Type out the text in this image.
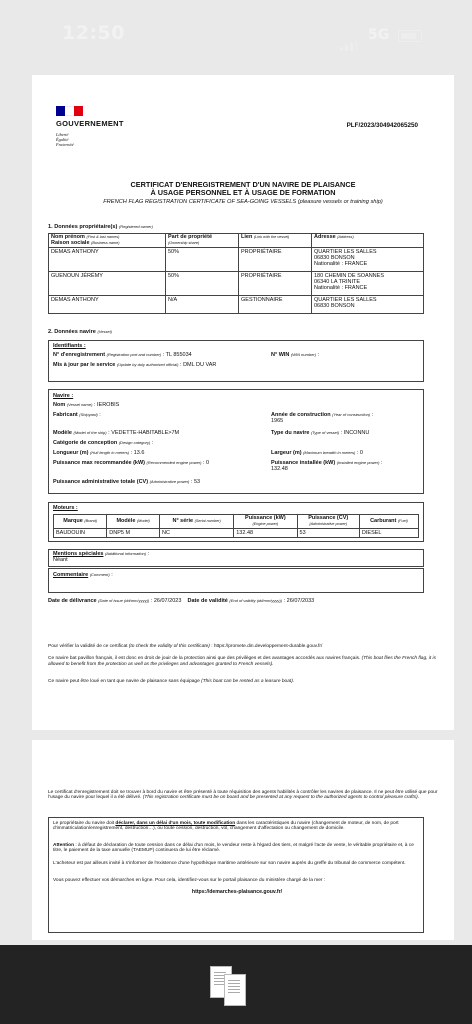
12:50	5G
GOUVERNEMENT
Liberté
Égalité
Fraternité
PLF/2023/304942065250
CERTIFICAT D'ENREGISTREMENT D'UN NAVIRE DE PLAISANCE
À USAGE PERSONNEL ET À USAGE DE FORMATION
FRENCH FLAG REGISTRATION CERTIFICATE OF SEA-GOING VESSELS (pleasure vessels or training ship)
1. Données propriétaire(s) (Registered owner)
Nom prénom (First & last names)
Raison sociale (Business name)	Part de propriété
(Ownership share)	Lien (Link with the vessel)	Adresse (Address)
DEMAS ANTHONY	50%	PROPRIÉTAIRE	QUARTIER LES SALLES
06830 BONSON
Nationalité : FRANCE

GUENOUN JÉRÉMY	50%	PROPRIÉTAIRE	180 CHEMIN DE SOANNES
06340 LA TRINITE
Nationalité : FRANCE

DEMAS ANTHONY	N/A	GESTIONNAIRE	QUARTIER LES SALLES
06830 BONSON
2. Données navire (Vessel)
Identifiants :
N° d'enregistrement (Registration port and number) : TL 855034	N° WIN (WIN number) :
Mis à jour par le service (Update by duly authorised official) : DML DU VAR
Navire :
Nom (Vessel name) : IEROBIS
Fabricant (Shipyard) :	Année de construction (Year of construction) :
1965
Modèle (Model of the ship) : VEDETTE-HABITABLE>7M	Type du navire (Type of vessel) : INCONNU
Catégorie de conception (Design category) :
Longueur (m) (Hull length in meters) : 13.6	Largeur (m) (Maximum breadth in meters) : 0
Puissance max recommandée (kW) (Recommended engine power) : 0	Puissance installée (kW) (Installed engine power) :
132.48
Puissance administrative totale (CV) (Administrative power) : 53
Moteurs :
Marque (Brand)	Modèle (Model)	N° série (Serial number)	Puissance (kW)
(Engine power)	Puissance (CV)
(Administrative power)	Carburant (Fuel)
BAUDOUIN	DNP5 M	NC	132.48	53	DIESEL
Mentions spéciales (Additional information) :
Néant
Commentaire (Comment) :
Date de délivrance (Date of issue (dd/mm/yyyy)) : 26/07/2023 Date de validité (End of validity (dd/mm/yyyy)) : 26/07/2033
Pour vérifier la validité de ce certificat (to check the validity of this certificate) : https://promete.din.developpement-durable.gouv.fr/
Ce navire bat pavillon français, il est donc en droit de jouir de la protection ainsi que des privilèges et des avantages accordés aux navires français. (This boat flies the French flag, it is allowed to benefit from the protection as well as the privileges and advantages granted to French vessels).
Ce navire peut être loué en tant que navire de plaisance sans équipage (This boat can be rented as a leasure boat).
Le certificat d'enregistrement doit se trouver à bord du navire et être présenté à toute réquisition des agents habilités à contrôler les navires de plaisance. Il ne peut être utilisé que pour l'usage du navire pour lequel il a été délivré. (This registration certificate must be on board and be presented at any request to the authorized agents to control pleasure crafts).
Le propriétaire du navire doit déclarer, dans un délai d'un mois, toute modification dans les caractéristiques du navire (changement de moteur, de nom, de port d'immatriculation/enregistrement, destruction…), ou toute cession, destruction, vol, changement d'affectation ou changement de domicile.
Attention : à défaut de déclaration de toute cession dans ce délai d'un mois, le vendeur reste à l'égard des tiers, et malgré l'acte de vente, le véritable propriétaire et, à ce titre, le paiement de la taxe annuelle (TAEMUP) continuera de lui être réclamé.
L'acheteur est par ailleurs invité à s'informer de l'existence d'une hypothèque maritime antérieure sur son navire auprès du greffe du tribunal de commerce compétent.
Vous pouvez effectuer vos démarches en ligne. Pour cela, identifiez-vous sur le portail plaisance du ministère chargé de la mer :
https://demarches-plaisance.gouv.fr/
